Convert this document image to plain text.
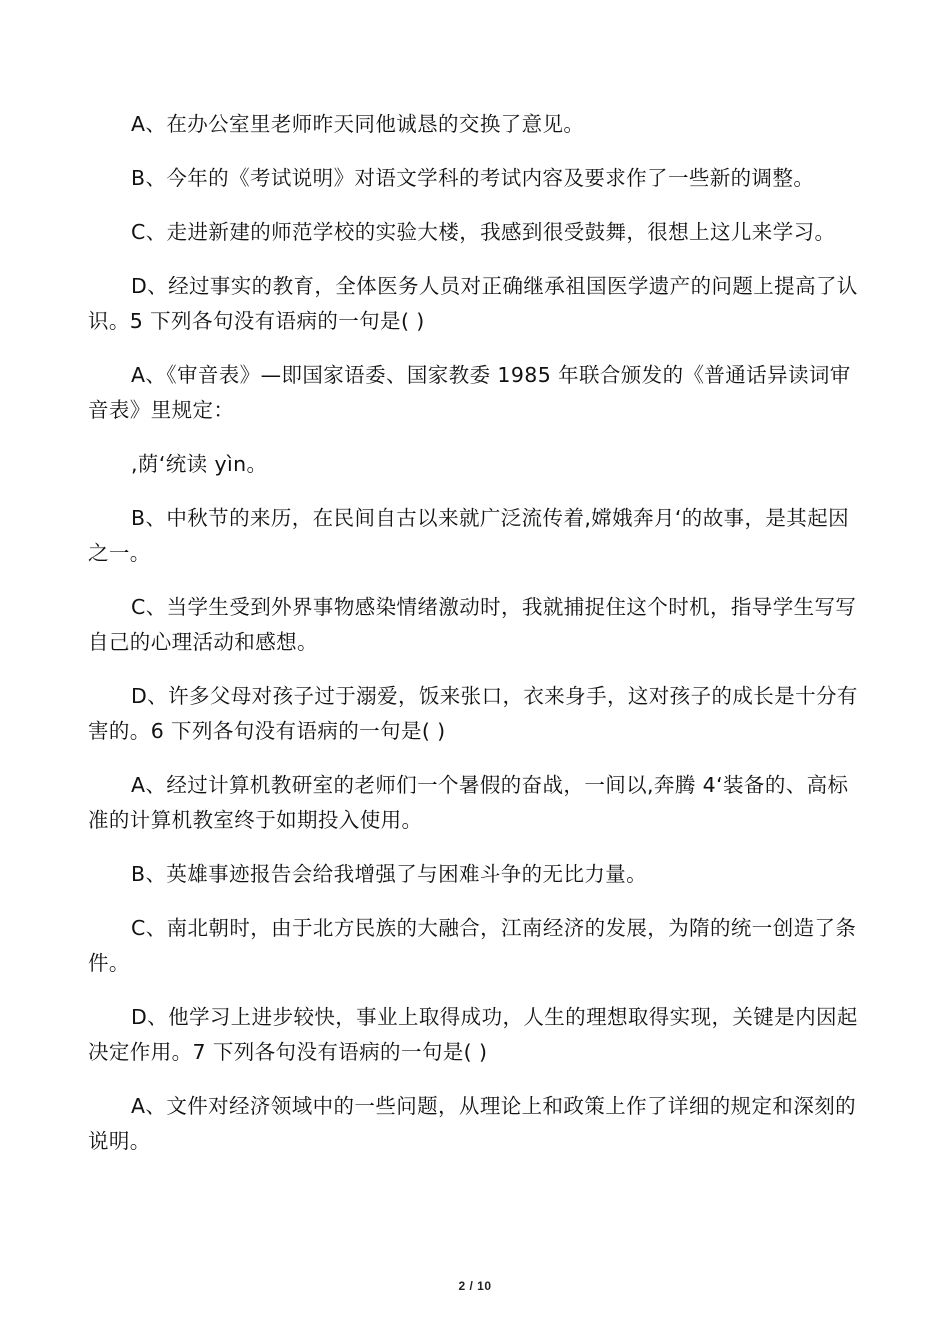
A、在办公室里老师昨天同他诚恳的交换了意见。

B、今年的《考试说明》对语文学科的考试内容及要求作了一些新的调整。

C、走进新建的师范学校的实验大楼，我感到很受鼓舞，很想上这儿来学习。

D、经过事实的教育，全体医务人员对正确继承祖国医学遗产的问题上提高了认识。5 下列各句没有语病的一句是( )

A、《审音表》—即国家语委、国家教委 1985 年联合颁发的《普通话异读词审音表》里规定：

,荫‘统读 yìn。

B、中秋节的来历，在民间自古以来就广泛流传着,嫦娥奔月‘的故事，是其起因之一。

C、当学生受到外界事物感染情绪激动时，我就捕捉住这个时机，指导学生写写自己的心理活动和感想。

D、许多父母对孩子过于溺爱，饭来张口，衣来身手，这对孩子的成长是十分有害的。6 下列各句没有语病的一句是( )

A、经过计算机教研室的老师们一个暑假的奋战，一间以,奔腾 4‘装备的、高标准的计算机教室终于如期投入使用。

B、英雄事迹报告会给我增强了与困难斗争的无比力量。

C、南北朝时，由于北方民族的大融合，江南经济的发展，为隋的统一创造了条件。

D、他学习上进步较快，事业上取得成功，人生的理想取得实现，关键是内因起决定作用。7 下列各句没有语病的一句是( )

A、文件对经济领域中的一些问题，从理论上和政策上作了详细的规定和深刻的说明。

2 / 10
